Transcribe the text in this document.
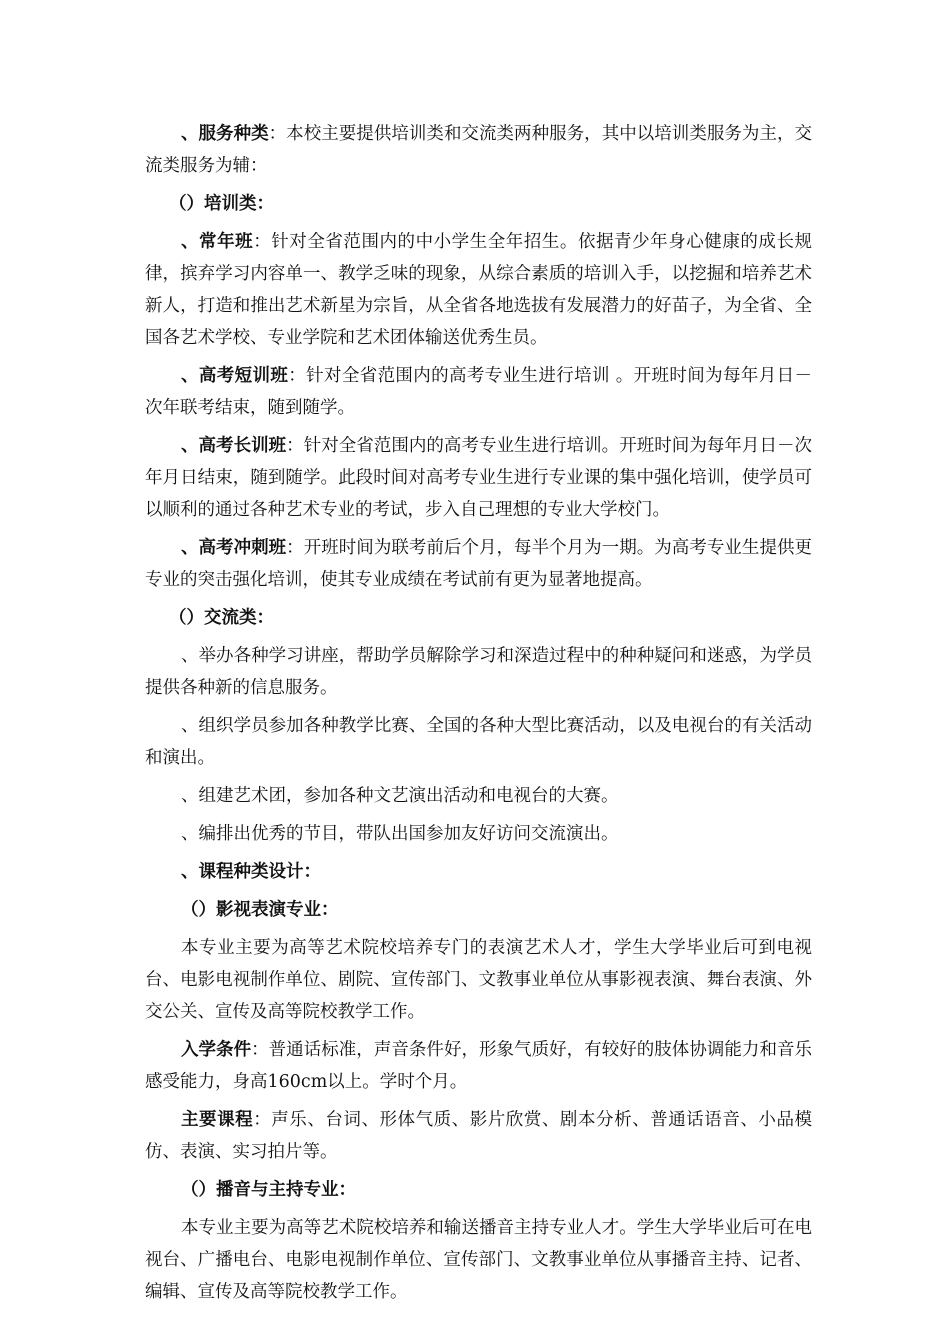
、服务种类：本校主要提供培训类和交流类两种服务，其中以培训类服务为主，交流类服务为辅：

（）培训类：

、常年班：针对全省范围内的中小学生全年招生。依据青少年身心健康的成长规律，摈弃学习内容单一、教学乏味的现象，从综合素质的培训入手，以挖掘和培养艺术新人，打造和推出艺术新星为宗旨，从全省各地选拔有发展潜力的好苗子，为全省、全国各艺术学校、专业学院和艺术团体输送优秀生员。

、高考短训班：针对全省范围内的高考专业生进行培训 。开班时间为每年月日－次年联考结束，随到随学。

、高考长训班：针对全省范围内的高考专业生进行培训。开班时间为每年月日－次年月日结束，随到随学。此段时间对高考专业生进行专业课的集中强化培训，使学员可以顺利的通过各种艺术专业的考试，步入自己理想的专业大学校门。

、高考冲刺班：开班时间为联考前后个月，每半个月为一期。为高考专业生提供更专业的突击强化培训，使其专业成绩在考试前有更为显著地提高。

（）交流类：

、举办各种学习讲座，帮助学员解除学习和深造过程中的种种疑问和迷惑，为学员提供各种新的信息服务。

、组织学员参加各种教学比赛、全国的各种大型比赛活动，以及电视台的有关活动和演出。

、组建艺术团，参加各种文艺演出活动和电视台的大赛。

、编排出优秀的节目，带队出国参加友好访问交流演出。

、课程种类设计：

（）影视表演专业：

本专业主要为高等艺术院校培养专门的表演艺术人才，学生大学毕业后可到电视台、电影电视制作单位、剧院、宣传部门、文教事业单位从事影视表演、舞台表演、外交公关、宣传及高等院校教学工作。

入学条件：普通话标准，声音条件好，形象气质好，有较好的肢体协调能力和音乐感受能力，身高160cm以上。学时个月。

主要课程：声乐、台词、形体气质、影片欣赏、剧本分析、普通话语音、小品模仿、表演、实习拍片等。

（）播音与主持专业：

本专业主要为高等艺术院校培养和输送播音主持专业人才。学生大学毕业后可在电视台、广播电台、电影电视制作单位、宣传部门、文教事业单位从事播音主持、记者、编辑、宣传及高等院校教学工作。
